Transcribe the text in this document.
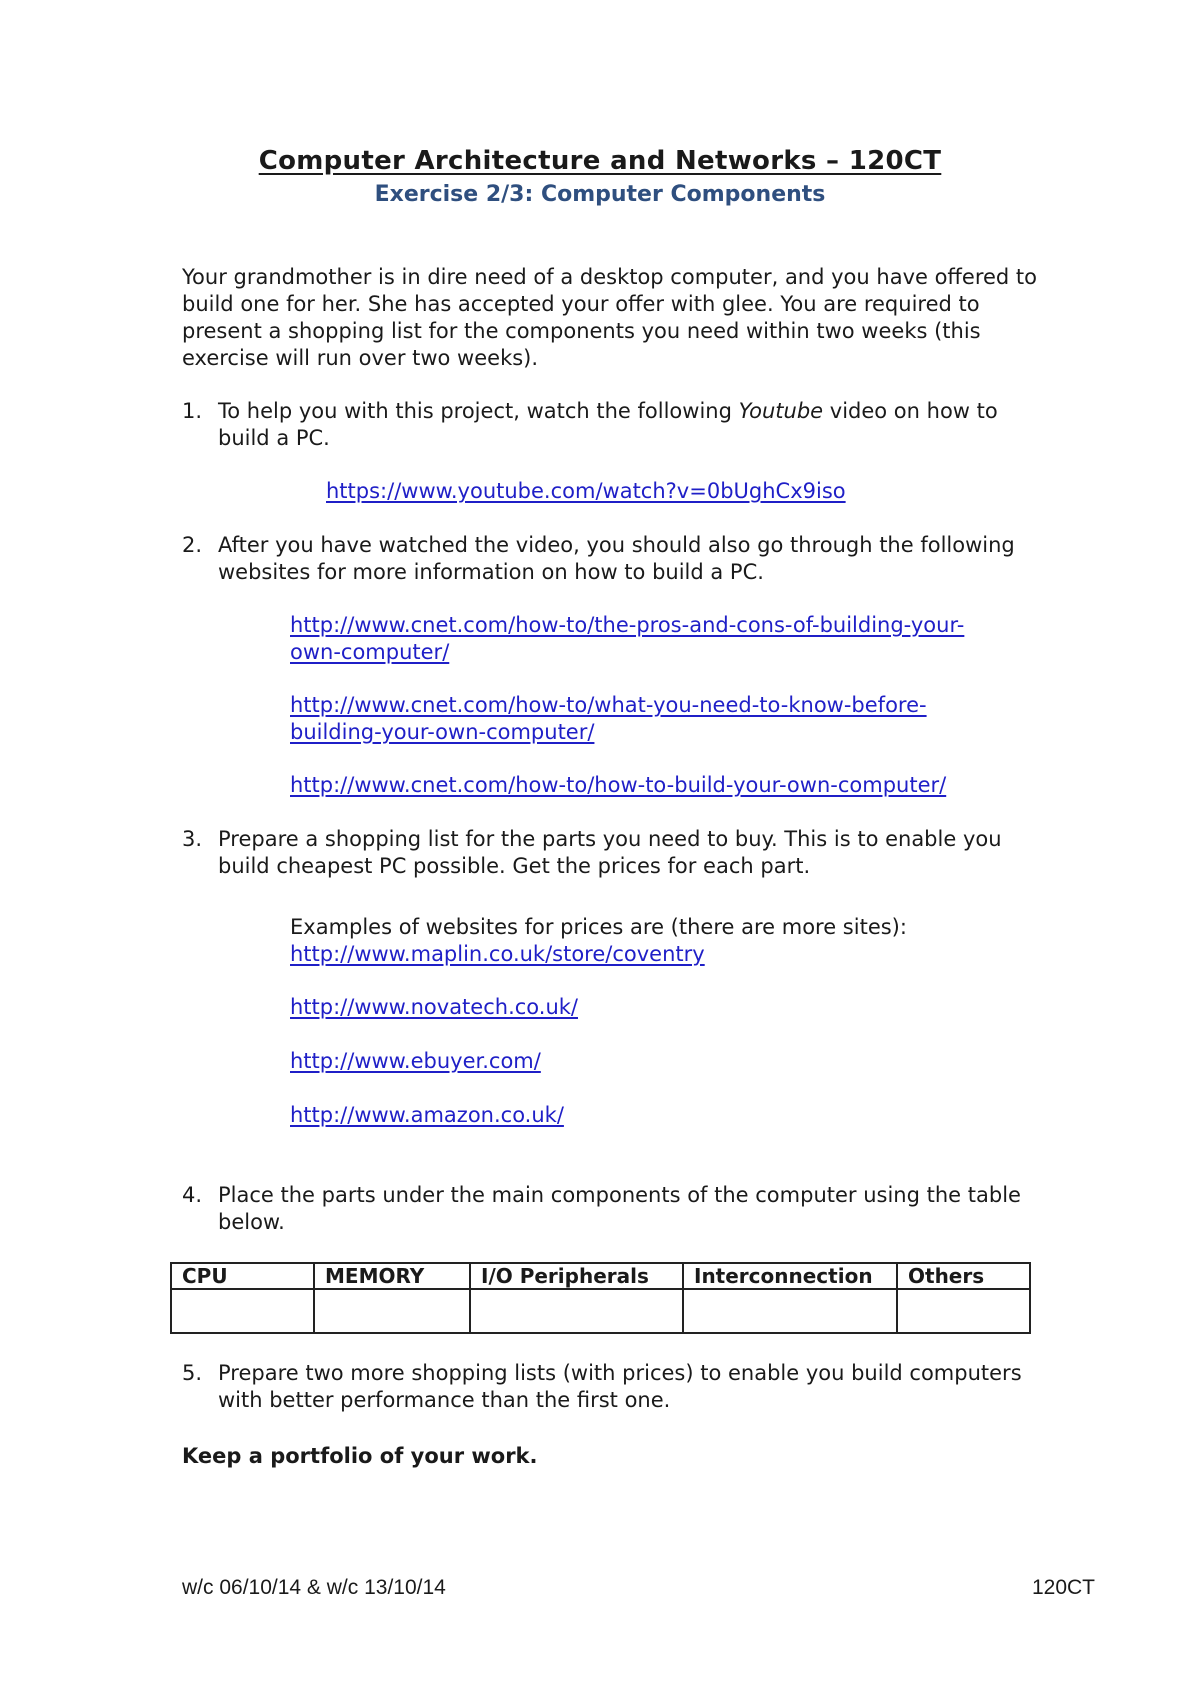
Computer Architecture and Networks – 120CT
Exercise 2/3: Computer Components
Your grandmother is in dire need of a desktop computer, and you have offered to build one for her. She has accepted your offer with glee. You are required to present a shopping list for the components you need within two weeks (this exercise will run over two weeks).
1. To help you with this project, watch the following Youtube video on how to build a PC.
https://www.youtube.com/watch?v=0bUghCx9iso
2. After you have watched the video, you should also go through the following websites for more information on how to build a PC.
http://www.cnet.com/how-to/the-pros-and-cons-of-building-your-own-computer/
http://www.cnet.com/how-to/what-you-need-to-know-before-building-your-own-computer/
http://www.cnet.com/how-to/how-to-build-your-own-computer/
3. Prepare a shopping list for the parts you need to buy. This is to enable you build cheapest PC possible. Get the prices for each part.
Examples of websites for prices are (there are more sites):
http://www.maplin.co.uk/store/coventry
http://www.novatech.co.uk/
http://www.ebuyer.com/
http://www.amazon.co.uk/
4. Place the parts under the main components of the computer using the table below.
CPU	MEMORY	I/O Peripherals	Interconnection	Others

5. Prepare two more shopping lists (with prices) to enable you build computers with better performance than the first one.
Keep a portfolio of your work.
w/c 06/10/14 & w/c 13/10/14	120CT
